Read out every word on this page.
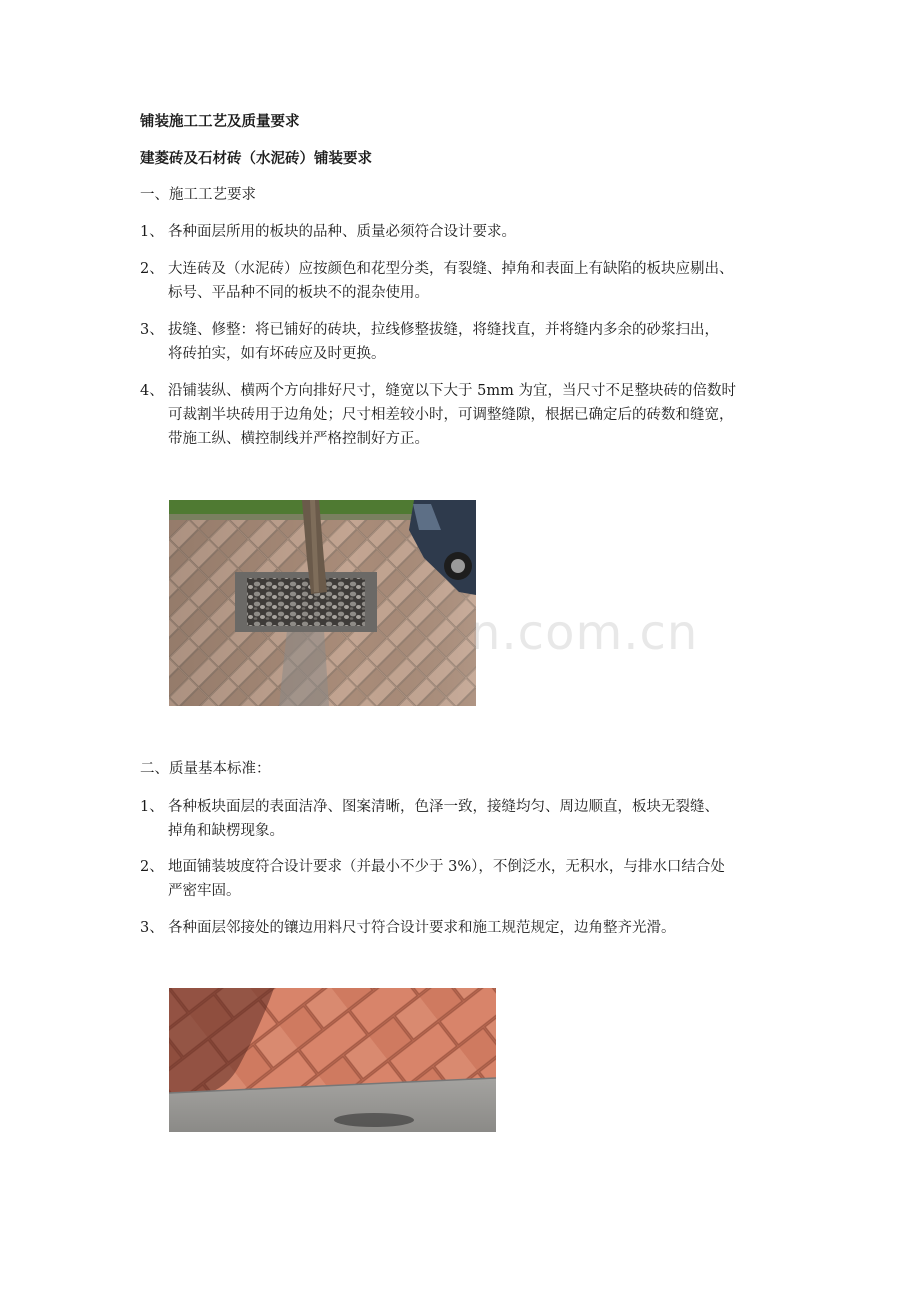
铺装施工工艺及质量要求
建菱砖及石材砖（水泥砖）铺装要求
一、施工工艺要求
1、 各种面层所用的板块的品种、质量必须符合设计要求。
2、 大连砖及（水泥砖）应按颜色和花型分类，有裂缝、掉角和表面上有缺陷的板块应剔出、
标号、平品种不同的板块不的混杂使用。
3、 拔缝、修整：将已铺好的砖块，拉线修整拔缝，将缝找直，并将缝内多余的砂浆扫出，
将砖拍实，如有坏砖应及时更换。
4、 沿铺装纵、横两个方向排好尺寸，缝宽以下大于 5mm 为宜，当尺寸不足整块砖的倍数时
可裁割半块砖用于边角处；尺寸相差较小时，可调整缝隙，根据已确定后的砖数和缝宽，
带施工纵、横控制线并严格控制好方正。
n.com.cn
二、质量基本标准：
1、 各种板块面层的表面洁净、图案清晰，色泽一致，接缝均匀、周边顺直，板块无裂缝、
掉角和缺楞现象。
2、 地面铺装坡度符合设计要求（并最小不少于 3%），不倒泛水，无积水，与排水口结合处
严密牢固。
3、 各种面层邻接处的镶边用料尺寸符合设计要求和施工规范规定，边角整齐光滑。
